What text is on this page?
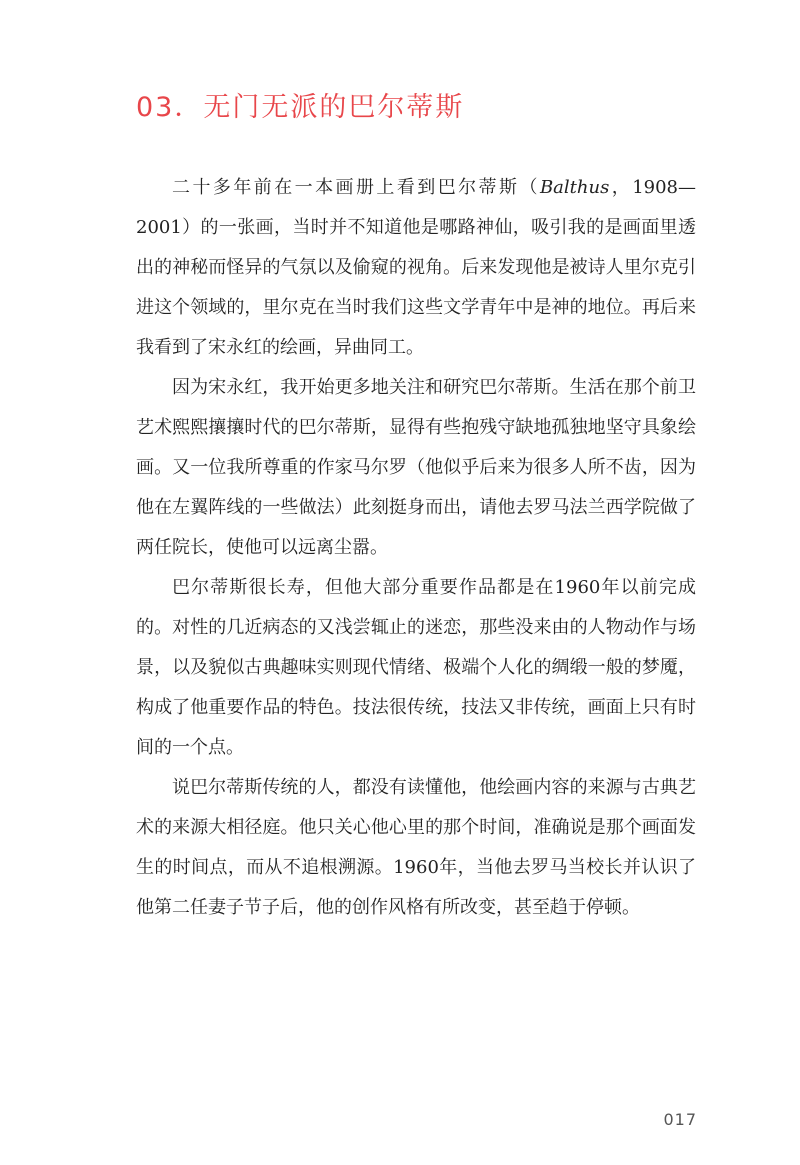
03．无门无派的巴尔蒂斯

二十多年前在一本画册上看到巴尔蒂斯（Balthus，1908—2001）的一张画，当时并不知道他是哪路神仙，吸引我的是画面里透出的神秘而怪异的气氛以及偷窥的视角。后来发现他是被诗人里尔克引进这个领域的，里尔克在当时我们这些文学青年中是神的地位。再后来我看到了宋永红的绘画，异曲同工。

因为宋永红，我开始更多地关注和研究巴尔蒂斯。生活在那个前卫艺术熙熙攘攘时代的巴尔蒂斯，显得有些抱残守缺地孤独地坚守具象绘画。又一位我所尊重的作家马尔罗（他似乎后来为很多人所不齿，因为他在左翼阵线的一些做法）此刻挺身而出，请他去罗马法兰西学院做了两任院长，使他可以远离尘嚣。

巴尔蒂斯很长寿，但他大部分重要作品都是在1960年以前完成的。对性的几近病态的又浅尝辄止的迷恋，那些没来由的人物动作与场景，以及貌似古典趣味实则现代情绪、极端个人化的绸缎一般的梦魇，构成了他重要作品的特色。技法很传统，技法又非传统，画面上只有时间的一个点。

说巴尔蒂斯传统的人，都没有读懂他，他绘画内容的来源与古典艺术的来源大相径庭。他只关心他心里的那个时间，准确说是那个画面发生的时间点，而从不追根溯源。1960年，当他去罗马当校长并认识了他第二任妻子节子后，他的创作风格有所改变，甚至趋于停顿。

017
